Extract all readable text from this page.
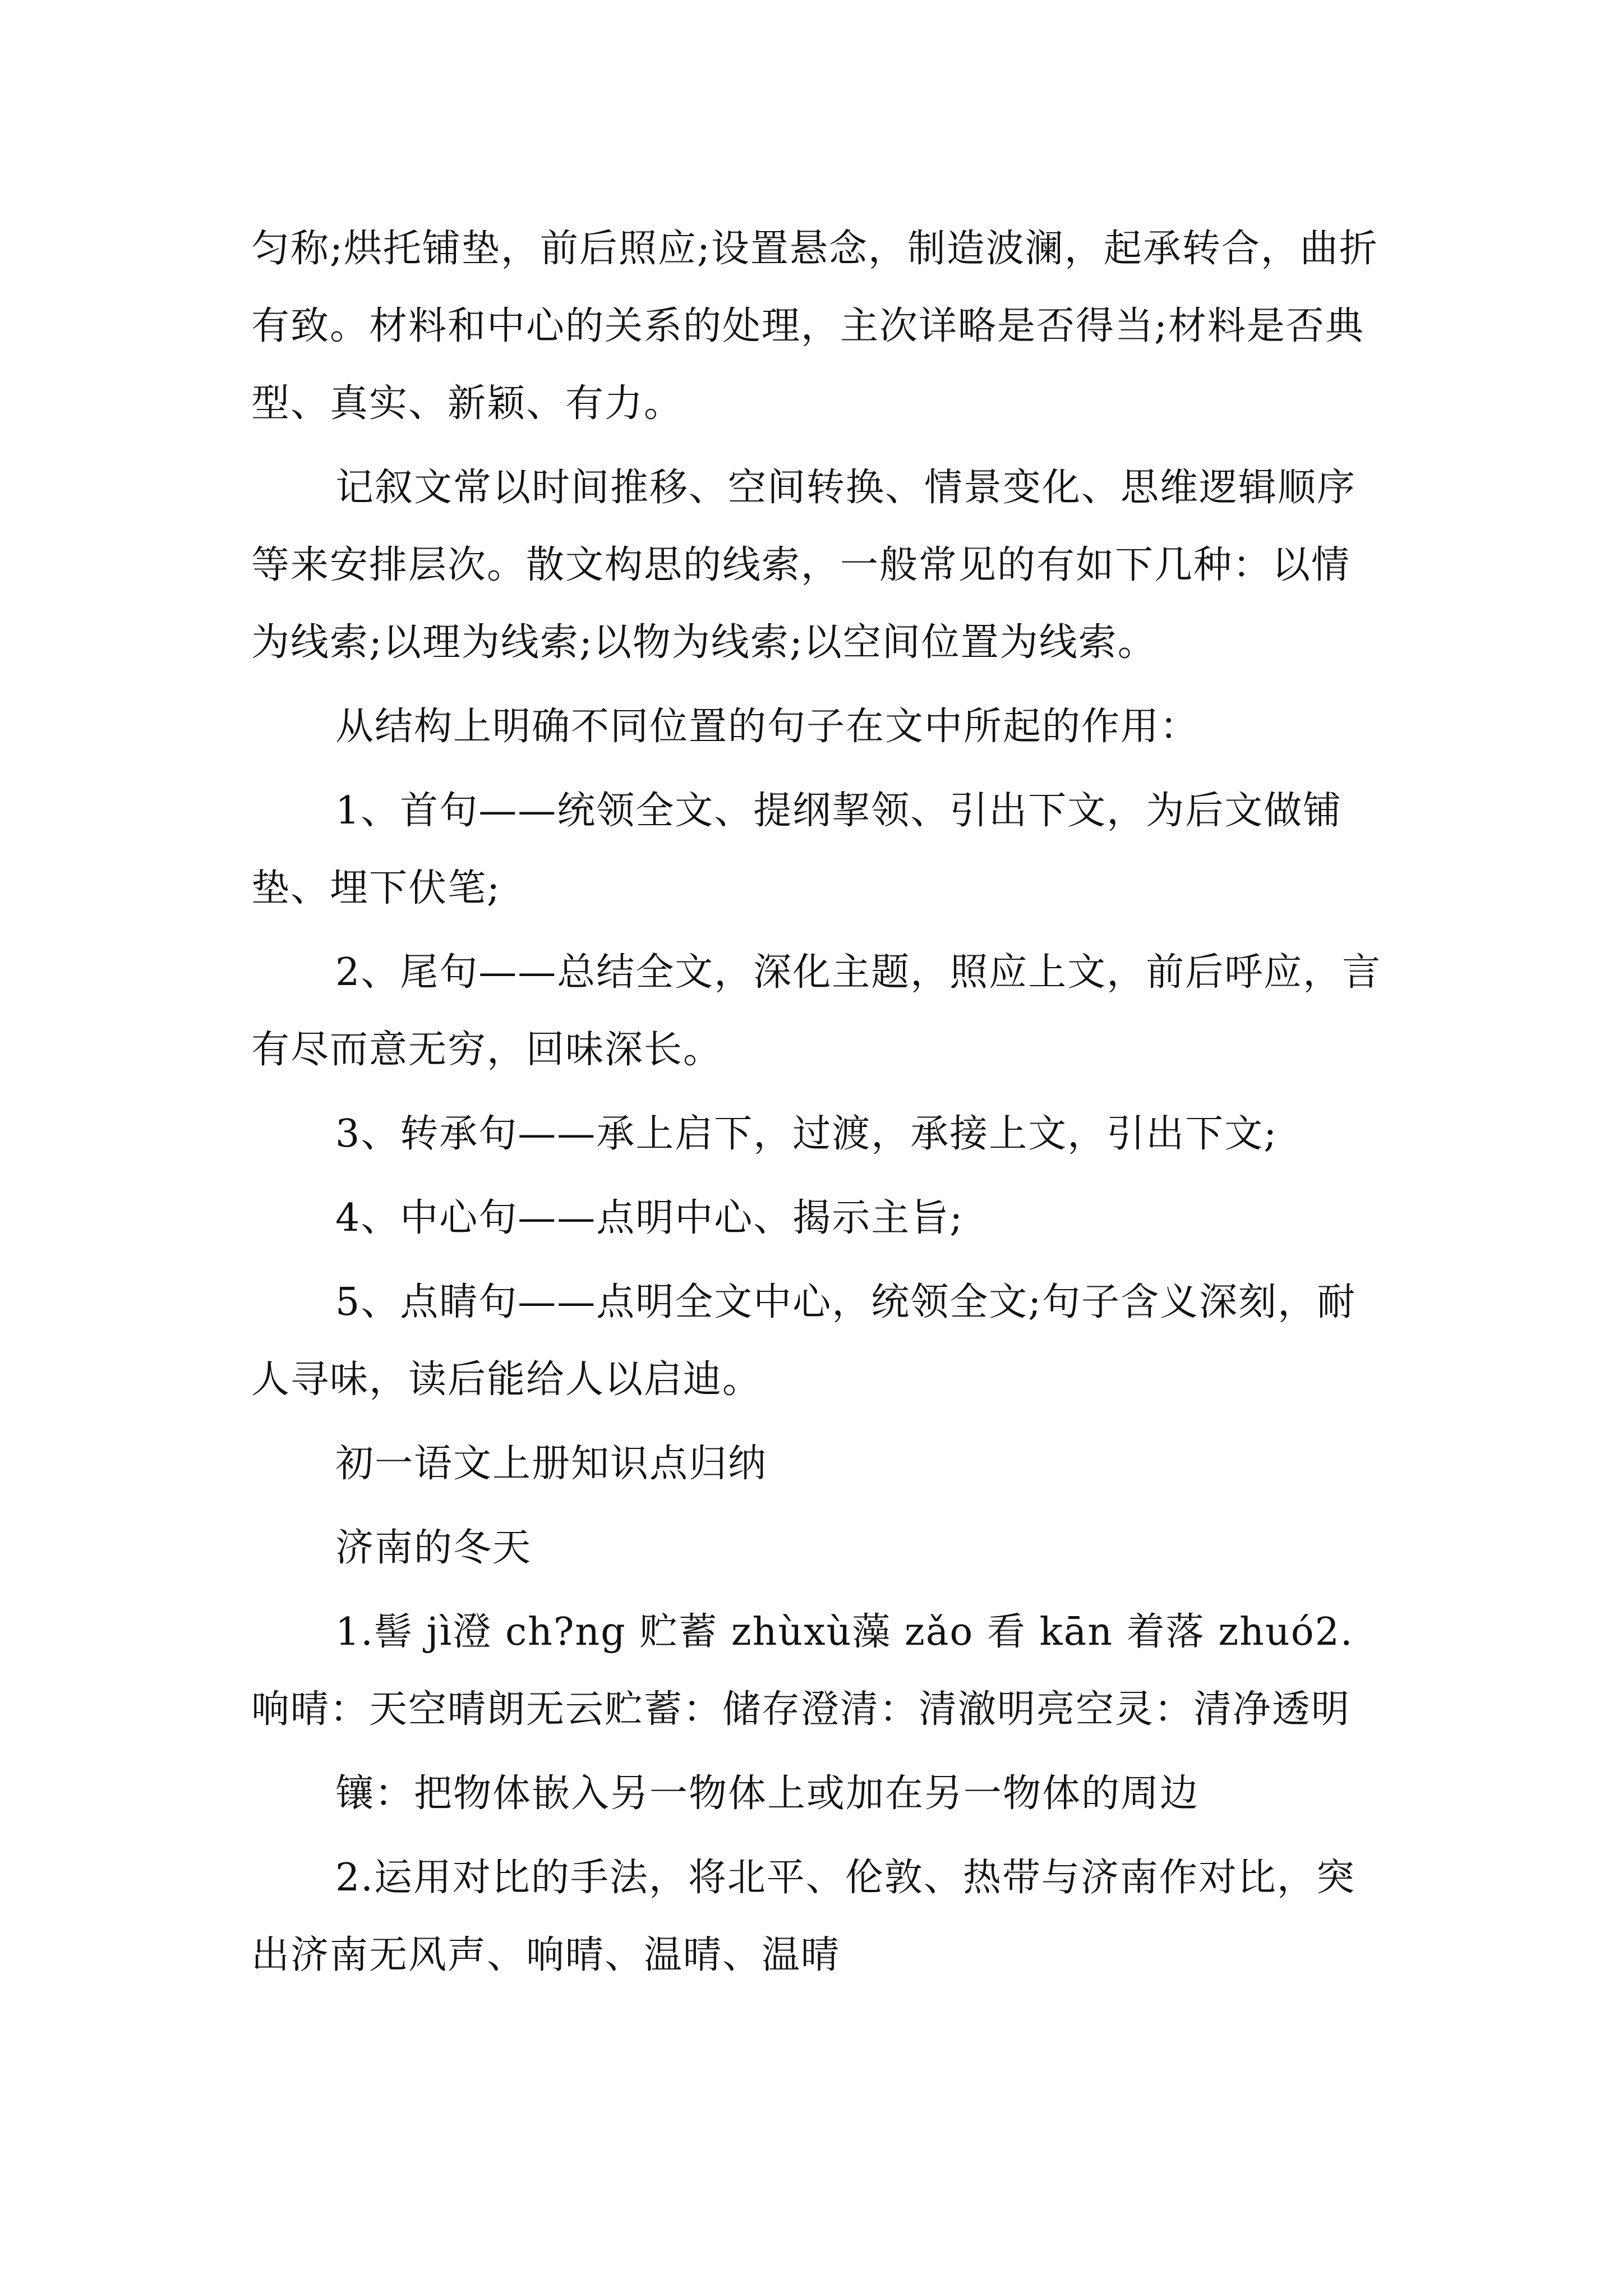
匀称;烘托铺垫，前后照应;设置悬念，制造波澜，起承转合，曲折有致。材料和中心的关系的处理，主次详略是否得当;材料是否典型、真实、新颖、有力。

记叙文常以时间推移、空间转换、情景变化、思维逻辑顺序等来安排层次。散文构思的线索，一般常见的有如下几种：以情为线索;以理为线索;以物为线索;以空间位置为线索。

从结构上明确不同位置的句子在文中所起的作用：

1、首句——统领全文、提纲挈领、引出下文，为后文做铺垫、埋下伏笔;

2、尾句——总结全文，深化主题，照应上文，前后呼应，言有尽而意无穷，回味深长。

3、转承句——承上启下，过渡，承接上文，引出下文;

4、中心句——点明中心、揭示主旨;

5、点睛句——点明全文中心，统领全文;句子含义深刻，耐人寻味，读后能给人以启迪。

初一语文上册知识点归纳

济南的冬天

1.髻 jì澄 ch?ng 贮蓄 zhùxù藻 zǎo 看 kān 着落 zhuó2.响晴：天空晴朗无云贮蓄：储存澄清：清澈明亮空灵：清净透明

镶：把物体嵌入另一物体上或加在另一物体的周边

2.运用对比的手法，将北平、伦敦、热带与济南作对比，突出济南无风声、响晴、温晴、温晴
